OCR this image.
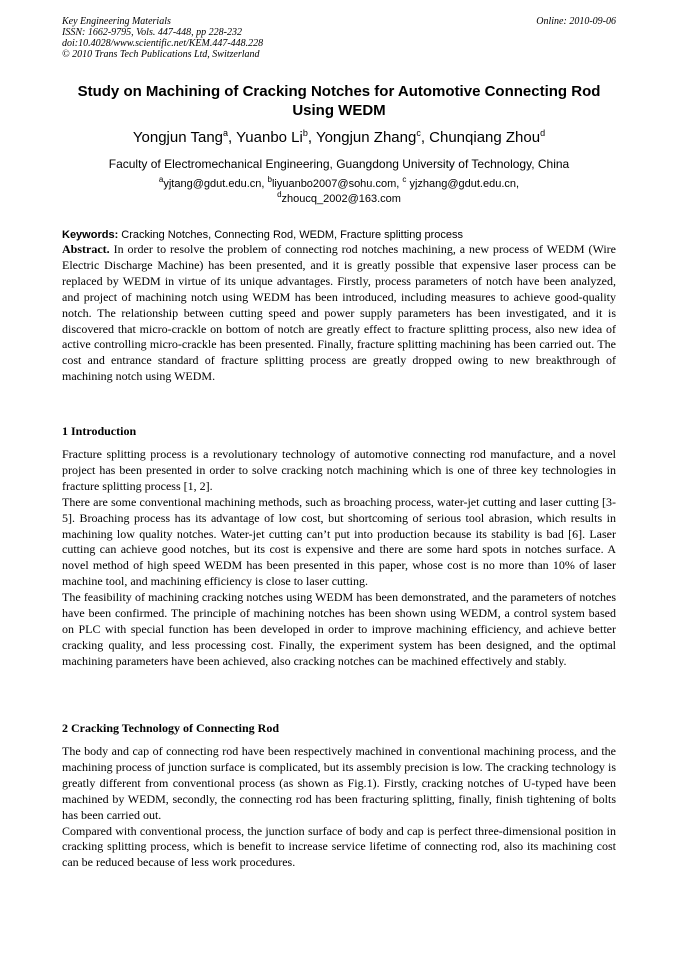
Key Engineering Materials
ISSN: 1662-9795, Vols. 447-448, pp 228-232
doi:10.4028/www.scientific.net/KEM.447-448.228
© 2010 Trans Tech Publications Ltd, Switzerland
Online: 2010-09-06
Study on Machining of Cracking Notches for Automotive Connecting Rod Using WEDM
Yongjun Tang$^a$, Yuanbo Li$^b$, Yongjun Zhang$^c$, Chunqiang Zhou$^d$
Faculty of Electromechanical Engineering, Guangdong University of Technology, China
$^a$yjtang@gdut.edu.cn, $^b$liyuanbo2007@sohu.com, $^c$ yjzhang@gdut.edu.cn,
$^d$zhoucq_2002@163.com
Keywords: Cracking Notches, Connecting Rod, WEDM, Fracture splitting process

Abstract. In order to resolve the problem of connecting rod notches machining, a new process of WEDM (Wire Electric Discharge Machine) has been presented, and it is greatly possible that expensive laser process can be replaced by WEDM in virtue of its unique advantages. Firstly, process parameters of notch have been analyzed, and project of machining notch using WEDM has been introduced, including measures to achieve good-quality notch. The relationship between cutting speed and power supply parameters has been investigated, and it is discovered that micro-crackle on bottom of notch are greatly effect to fracture splitting process, also new idea of active controlling micro-crackle has been presented. Finally, fracture splitting machining has been carried out. The cost and entrance standard of fracture splitting process are greatly dropped owing to new breakthrough of machining notch using WEDM.

1 Introduction

Fracture splitting process is a revolutionary technology of automotive connecting rod manufacture, and a novel project has been presented in order to solve cracking notch machining which is one of three key technologies in fracture splitting process [1, 2].

There are some conventional machining methods, such as broaching process, water-jet cutting and laser cutting [3-5]. Broaching process has its advantage of low cost, but shortcoming of serious tool abrasion, which results in machining low quality notches. Water-jet cutting can’t put into production because its stability is bad [6]. Laser cutting can achieve good notches, but its cost is expensive and there are some hard spots in notches surface. A novel method of high speed WEDM has been presented in this paper, whose cost is no more than 10% of laser machine tool, and machining efficiency is close to laser cutting.

The feasibility of machining cracking notches using WEDM has been demonstrated, and the parameters of notches have been confirmed. The principle of machining notches has been shown using WEDM, a control system based on PLC with special function has been developed in order to improve machining efficiency, and achieve better cracking quality, and less processing cost. Finally, the experiment system has been designed, and the optimal machining parameters have been achieved, also cracking notches can be machined effectively and stably.

2 Cracking Technology of Connecting Rod

The body and cap of connecting rod have been respectively machined in conventional machining process, and the machining process of junction surface is complicated, but its assembly precision is low. The cracking technology is greatly different from conventional process (as shown as Fig.1). Firstly, cracking notches of U-typed have been machined by WEDM, secondly, the connecting rod has been fracturing splitting, finally, finish tightening of bolts has been carried out.

Compared with conventional process, the junction surface of body and cap is perfect three-dimensional position in cracking splitting process, which is benefit to increase service lifetime of connecting rod, also its machining cost can be reduced because of less work procedures.
